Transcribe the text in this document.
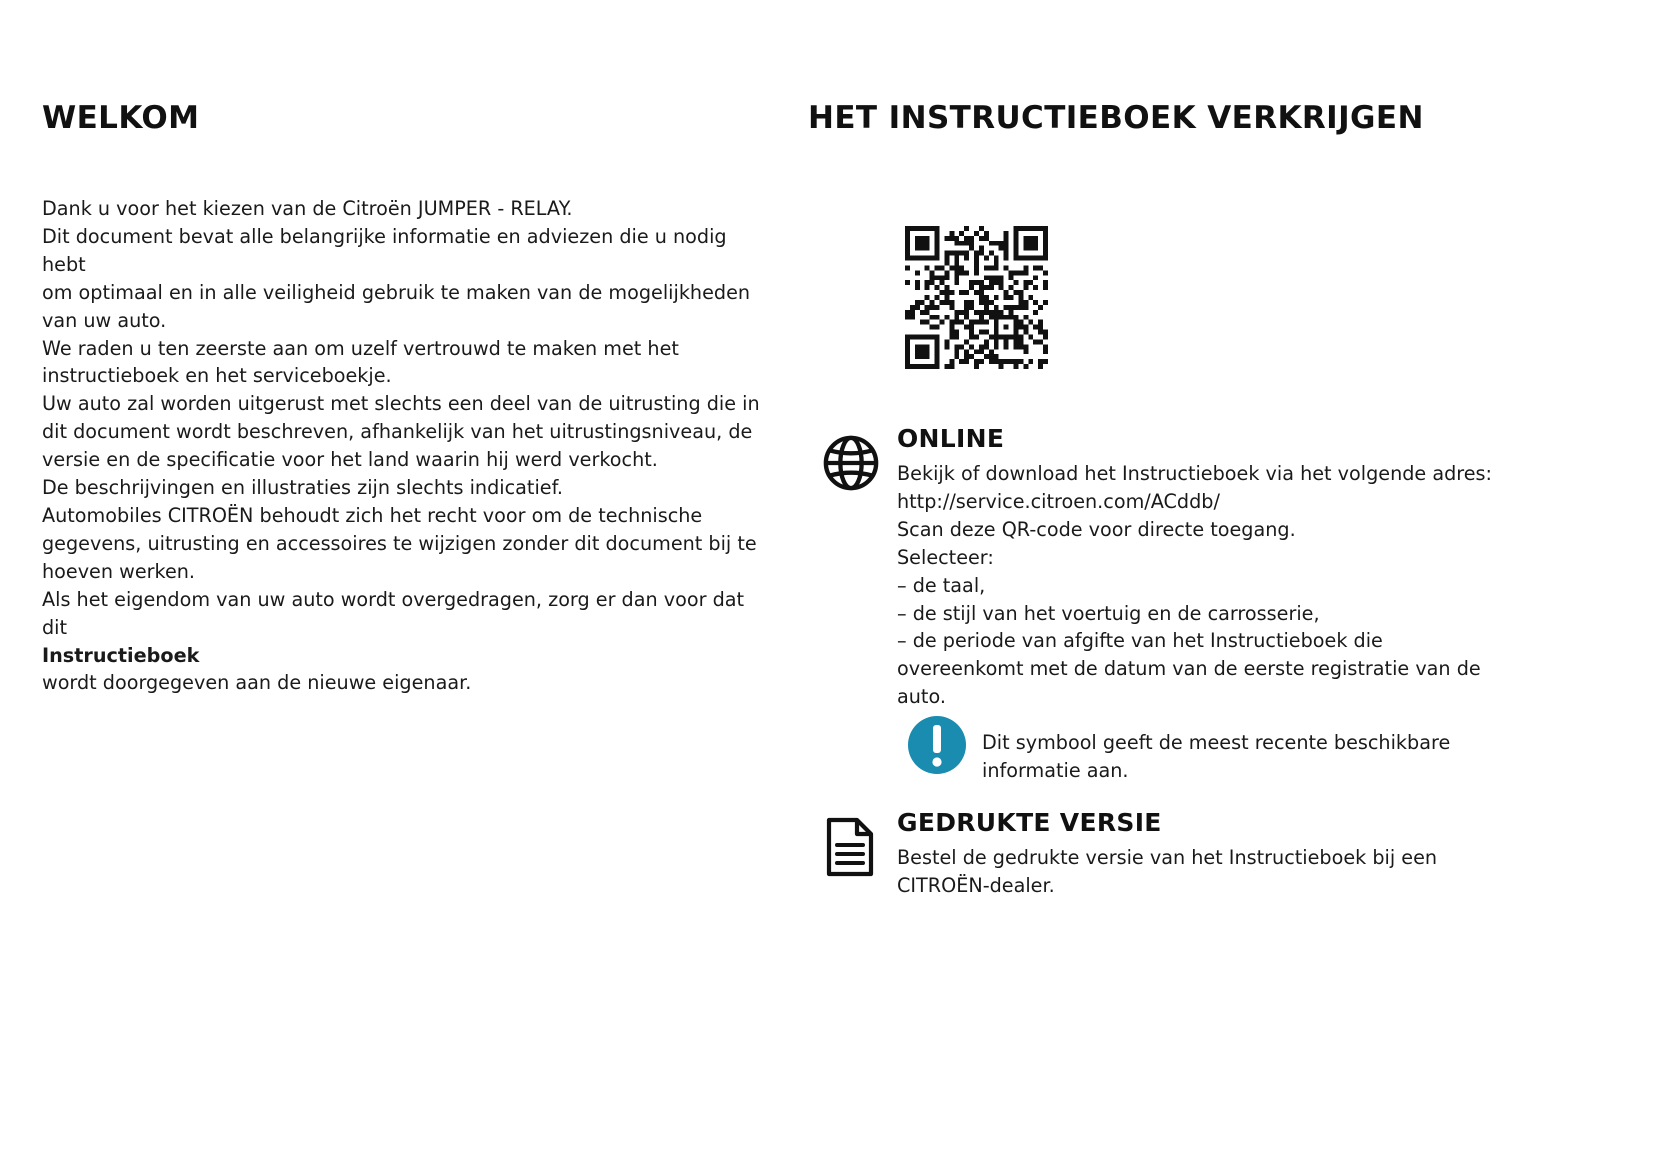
WELKOM

Dank u voor het kiezen van de Citroën JUMPER - RELAY.

Dit document bevat alle belangrijke informatie en adviezen die u nodig hebt

om optimaal en in alle veiligheid gebruik te maken van de mogelijkheden

van uw auto.

We raden u ten zeerste aan om uzelf vertrouwd te maken met het

instructieboek en het serviceboekje.

Uw auto zal worden uitgerust met slechts een deel van de uitrusting die in

dit document wordt beschreven, afhankelijk van het uitrustingsniveau, de

versie en de specificatie voor het land waarin hij werd verkocht.

De beschrijvingen en illustraties zijn slechts indicatief.

Automobiles CITROËN behoudt zich het recht voor om de technische

gegevens, uitrusting en accessoires te wijzigen zonder dit document bij te

hoeven werken.

Als het eigendom van uw auto wordt overgedragen, zorg er dan voor dat dit

Instructieboek

wordt doorgegeven aan de nieuwe eigenaar.

HET INSTRUCTIEBOEK VERKRIJGEN
ONLINE

Bekijk of download het Instructieboek via het volgende adres:

http://service.citroen.com/ACddb/

Scan deze QR-code voor directe toegang.

Selecteer:

– de taal,

– de stijl van het voertuig en de carrosserie,

– de periode van afgifte van het Instructieboek die

overeenkomt met de datum van de eerste registratie van de

auto.

Dit symbool geeft de meest recente beschikbare

informatie aan.

GEDRUKTE VERSIE

Bestel de gedrukte versie van het Instructieboek bij een

CITROËN-dealer.
